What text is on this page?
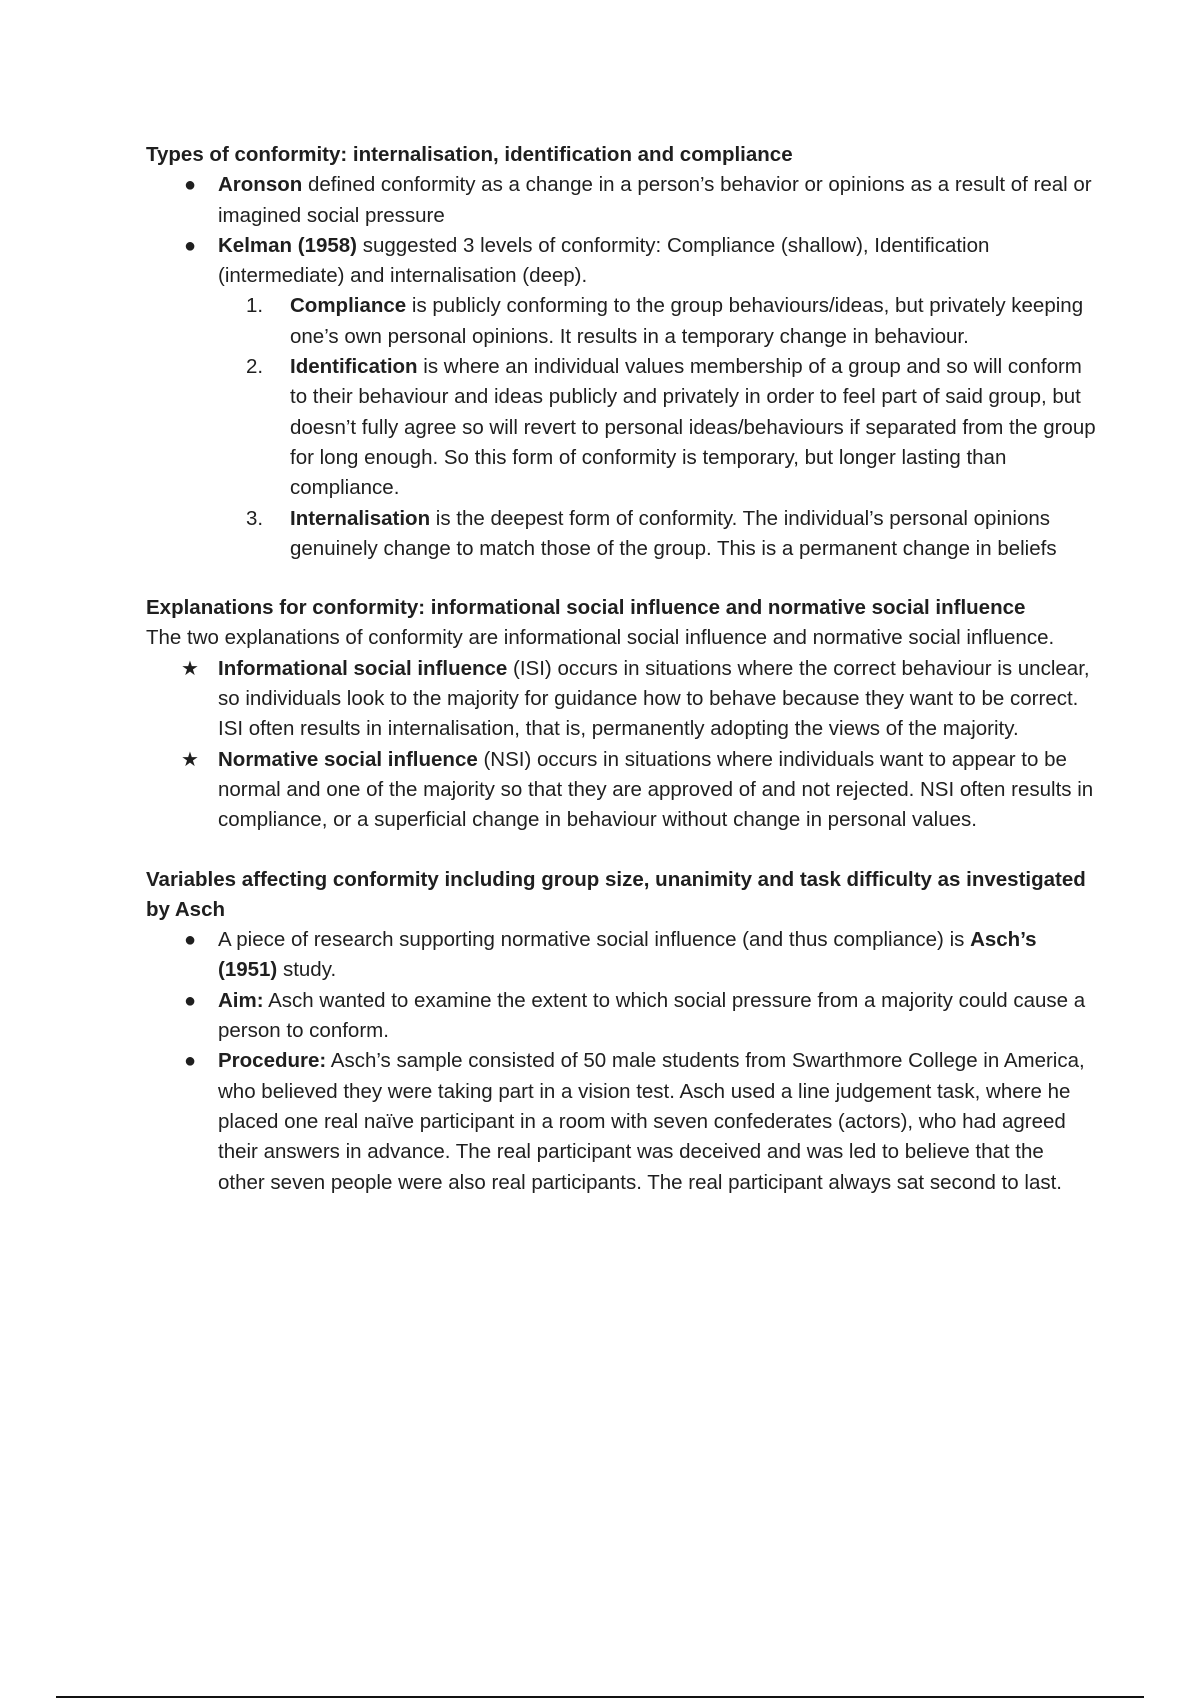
Types of conformity: internalisation, identification and compliance

● Aronson defined conformity as a change in a person’s behavior or opinions as a result of real or imagined social pressure
● Kelman (1958) suggested 3 levels of conformity: Compliance (shallow), Identification (intermediate) and internalisation (deep).
1.	Compliance is publicly conforming to the group behaviours/ideas, but privately keeping one’s own personal opinions. It results in a temporary change in behaviour.
2.	Identification is where an individual values membership of a group and so will conform to their behaviour and ideas publicly and privately in order to feel part of said group, but doesn’t fully agree so will revert to personal ideas/behaviours if separated from the group for long enough. So this form of conformity is temporary, but longer lasting than compliance.
3.	Internalisation is the deepest form of conformity. The individual’s personal opinions genuinely change to match those of the group. This is a permanent change in beliefs

Explanations for conformity: informational social influence and normative social influence

The two explanations of conformity are informational social influence and normative social influence.

★ Informational social influence (ISI) occurs in situations where the correct behaviour is unclear, so individuals look to the majority for guidance how to behave because they want to be correct. ISI often results in internalisation, that is, permanently adopting the views of the majority.
★ Normative social influence (NSI) occurs in situations where individuals want to appear to be normal and one of the majority so that they are approved of and not rejected. NSI often results in compliance, or a superficial change in behaviour without change in personal values.

Variables affecting conformity including group size, unanimity and task difficulty as investigated by Asch

● A piece of research supporting normative social influence (and thus compliance) is Asch’s (1951) study.
● Aim: Asch wanted to examine the extent to which social pressure from a majority could cause a person to conform.
● Procedure: Asch’s sample consisted of 50 male students from Swarthmore College in America, who believed they were taking part in a vision test. Asch used a line judgement task, where he placed one real naïve participant in a room with seven confederates (actors), who had agreed their answers in advance. The real participant was deceived and was led to believe that the other seven people were also real participants. The real participant always sat second to last.
